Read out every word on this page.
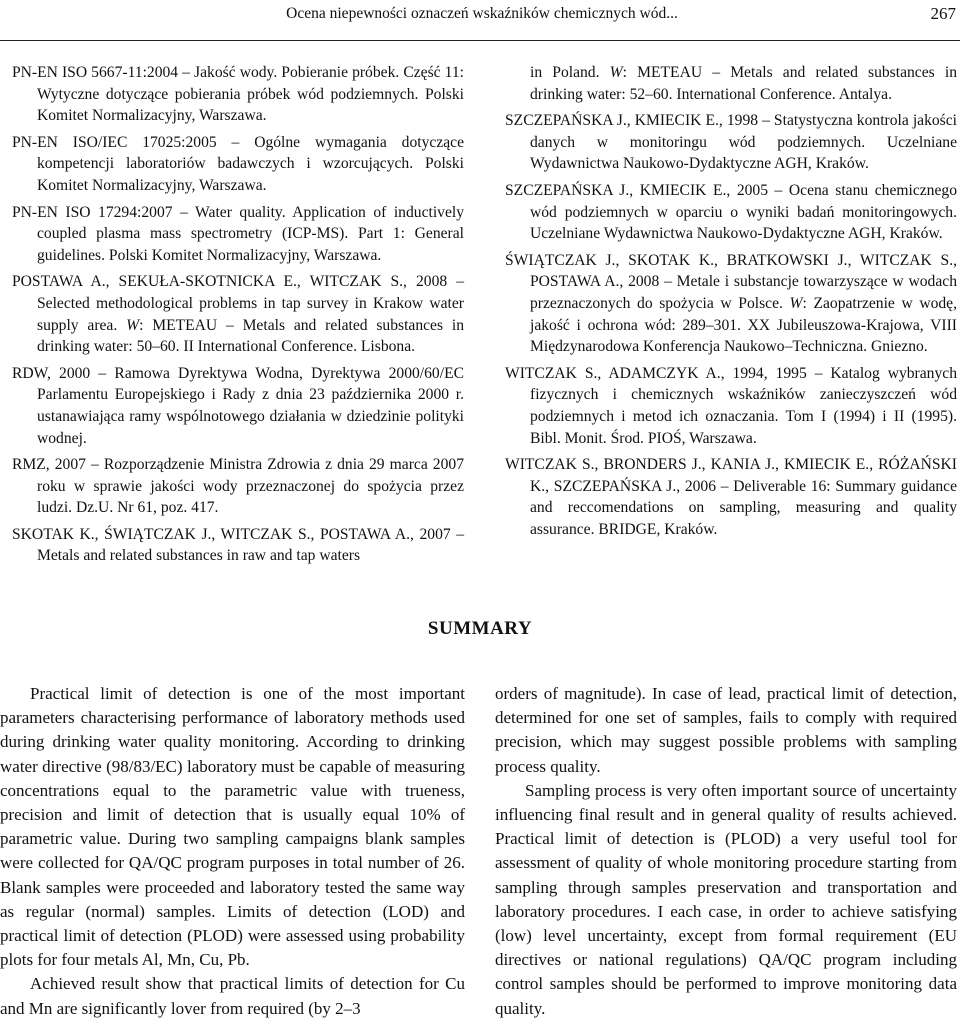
Ocena niepewności oznaczeń wskaźników chemicznych wód...	267

PN-EN ISO 5667-11:2004 – Jakość wody. Pobieranie próbek. Część 11: Wytyczne dotyczące pobierania próbek wód podziemnych. Polski Komitet Normalizacyjny, Warszawa.

PN-EN ISO/IEC 17025:2005 – Ogólne wymagania dotyczące kompetencji laboratoriów badawczych i wzorcujących. Polski Komitet Normalizacyjny, Warszawa.

PN-EN ISO 17294:2007 – Water quality. Application of inductively coupled plasma mass spectrometry (ICP-MS). Part 1: General guidelines. Polski Komitet Normalizacyjny, Warszawa.

POSTAWA A., SEKUŁA-SKOTNICKA E., WITCZAK S., 2008 – Selected methodological problems in tap survey in Krakow water supply area. W: METEAU – Metals and related substances in drinking water: 50–60. II International Conference. Lisbona.

RDW, 2000 – Ramowa Dyrektywa Wodna, Dyrektywa 2000/60/EC Parlamentu Europejskiego i Rady z dnia 23 października 2000 r. ustanawiająca ramy wspólnotowego działania w dziedzinie polityki wodnej.

RMZ, 2007 – Rozporządzenie Ministra Zdrowia z dnia 29 marca 2007 roku w sprawie jakości wody przeznaczonej do spożycia przez ludzi. Dz.U. Nr 61, poz. 417.

SKOTAK K., ŚWIĄTCZAK J., WITCZAK S., POSTAWA A., 2007 – Metals and related substances in raw and tap waters

in Poland. W: METEAU – Metals and related substances in drinking water: 52–60. International Conference. Antalya.

SZCZEPAŃSKA J., KMIECIK E., 1998 – Statystyczna kontrola jakości danych w monitoringu wód podziemnych. Uczelniane Wydawnictwa Naukowo-Dydaktyczne AGH, Kraków.

SZCZEPAŃSKA J., KMIECIK E., 2005 – Ocena stanu chemicznego wód podziemnych w oparciu o wyniki badań monitoringowych. Uczelniane Wydawnictwa Naukowo-Dydaktyczne AGH, Kraków.

ŚWIĄTCZAK J., SKOTAK K., BRATKOWSKI J., WITCZAK S., POSTAWA A., 2008 – Metale i substancje towarzyszące w wodach przeznaczonych do spożycia w Polsce. W: Zaopatrzenie w wodę, jakość i ochrona wód: 289–301. XX Jubileuszowa-Krajowa, VIII Międzynarodowa Konferencja Naukowo–Techniczna. Gniezno.

WITCZAK S., ADAMCZYK A., 1994, 1995 – Katalog wybranych fizycznych i chemicznych wskaźników zanieczyszczeń wód podziemnych i metod ich oznaczania. Tom I (1994) i II (1995). Bibl. Monit. Środ. PIOŚ, Warszawa.

WITCZAK S., BRONDERS J., KANIA J., KMIECIK E., RÓŻAŃSKI K., SZCZEPAŃSKA J., 2006 – Deliverable 16: Summary guidance and reccomendations on sampling, measuring and quality assurance. BRIDGE, Kraków.

SUMMARY

Practical limit of detection is one of the most important parameters characterising performance of laboratory methods used during drinking water quality monitoring. According to drinking water directive (98/83/EC) laboratory must be capable of measuring concentrations equal to the parametric value with trueness, precision and limit of detection that is usually equal 10% of parametric value. During two sampling campaigns blank samples were collected for QA/QC program purposes in total number of 26. Blank samples were proceeded and laboratory tested the same way as regular (normal) samples. Limits of detection (LOD) and practical limit of detection (PLOD) were assessed using probability plots for four metals Al, Mn, Cu, Pb.

Achieved result show that practical limits of detection for Cu and Mn are significantly lover from required (by 2–3

orders of magnitude). In case of lead, practical limit of detection, determined for one set of samples, fails to comply with required precision, which may suggest possible problems with sampling process quality.

Sampling process is very often important source of uncertainty influencing final result and in general quality of results achieved. Practical limit of detection is (PLOD) a very useful tool for assessment of quality of whole monitoring procedure starting from sampling through samples preservation and transportation and laboratory procedures. I each case, in order to achieve satisfying (low) level uncertainty, except from formal requirement (EU directives or national regulations) QA/QC program including control samples should be performed to improve monitoring data quality.
